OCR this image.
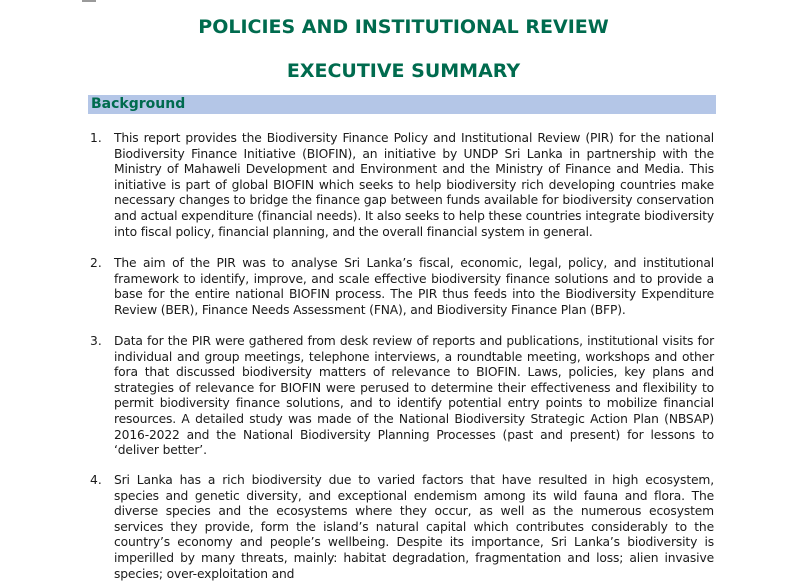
POLICIES AND INSTITUTIONAL REVIEW
EXECUTIVE SUMMARY
Background
1. This report provides the Biodiversity Finance Policy and Institutional Review (PIR) for the national Biodiversity Finance Initiative (BIOFIN), an initiative by UNDP Sri Lanka in partnership with the Ministry of Mahaweli Development and Environment and the Ministry of Finance and Media. This initiative is part of global BIOFIN which seeks to help biodiversity rich developing countries make necessary changes to bridge the finance gap between funds available for biodiversity conservation and actual expenditure (financial needs). It also seeks to help these countries integrate biodiversity into fiscal policy, financial planning, and the overall financial system in general.
2. The aim of the PIR was to analyse Sri Lanka’s fiscal, economic, legal, policy, and institutional framework to identify, improve, and scale effective biodiversity finance solutions and to provide a base for the entire national BIOFIN process. The PIR thus feeds into the Biodiversity Expenditure Review (BER), Finance Needs Assessment (FNA), and Biodiversity Finance Plan (BFP).
3. Data for the PIR were gathered from desk review of reports and publications, institutional visits for individual and group meetings, telephone interviews, a roundtable meeting, workshops and other fora that discussed biodiversity matters of relevance to BIOFIN. Laws, policies, key plans and strategies of relevance for BIOFIN were perused to determine their effectiveness and flexibility to permit biodiversity finance solutions, and to identify potential entry points to mobilize financial resources. A detailed study was made of the National Biodiversity Strategic Action Plan (NBSAP) 2016-2022 and the National Biodiversity Planning Processes (past and present) for lessons to ‘deliver better’.
4. Sri Lanka has a rich biodiversity due to varied factors that have resulted in high ecosystem, species and genetic diversity, and exceptional endemism among its wild fauna and flora. The diverse species and the ecosystems where they occur, as well as the numerous ecosystem services they provide, form the island’s natural capital which contributes considerably to the country’s economy and people’s wellbeing. Despite its importance, Sri Lanka’s biodiversity is imperilled by many threats, mainly: habitat degradation, fragmentation and loss; alien invasive species; over-exploitation and
